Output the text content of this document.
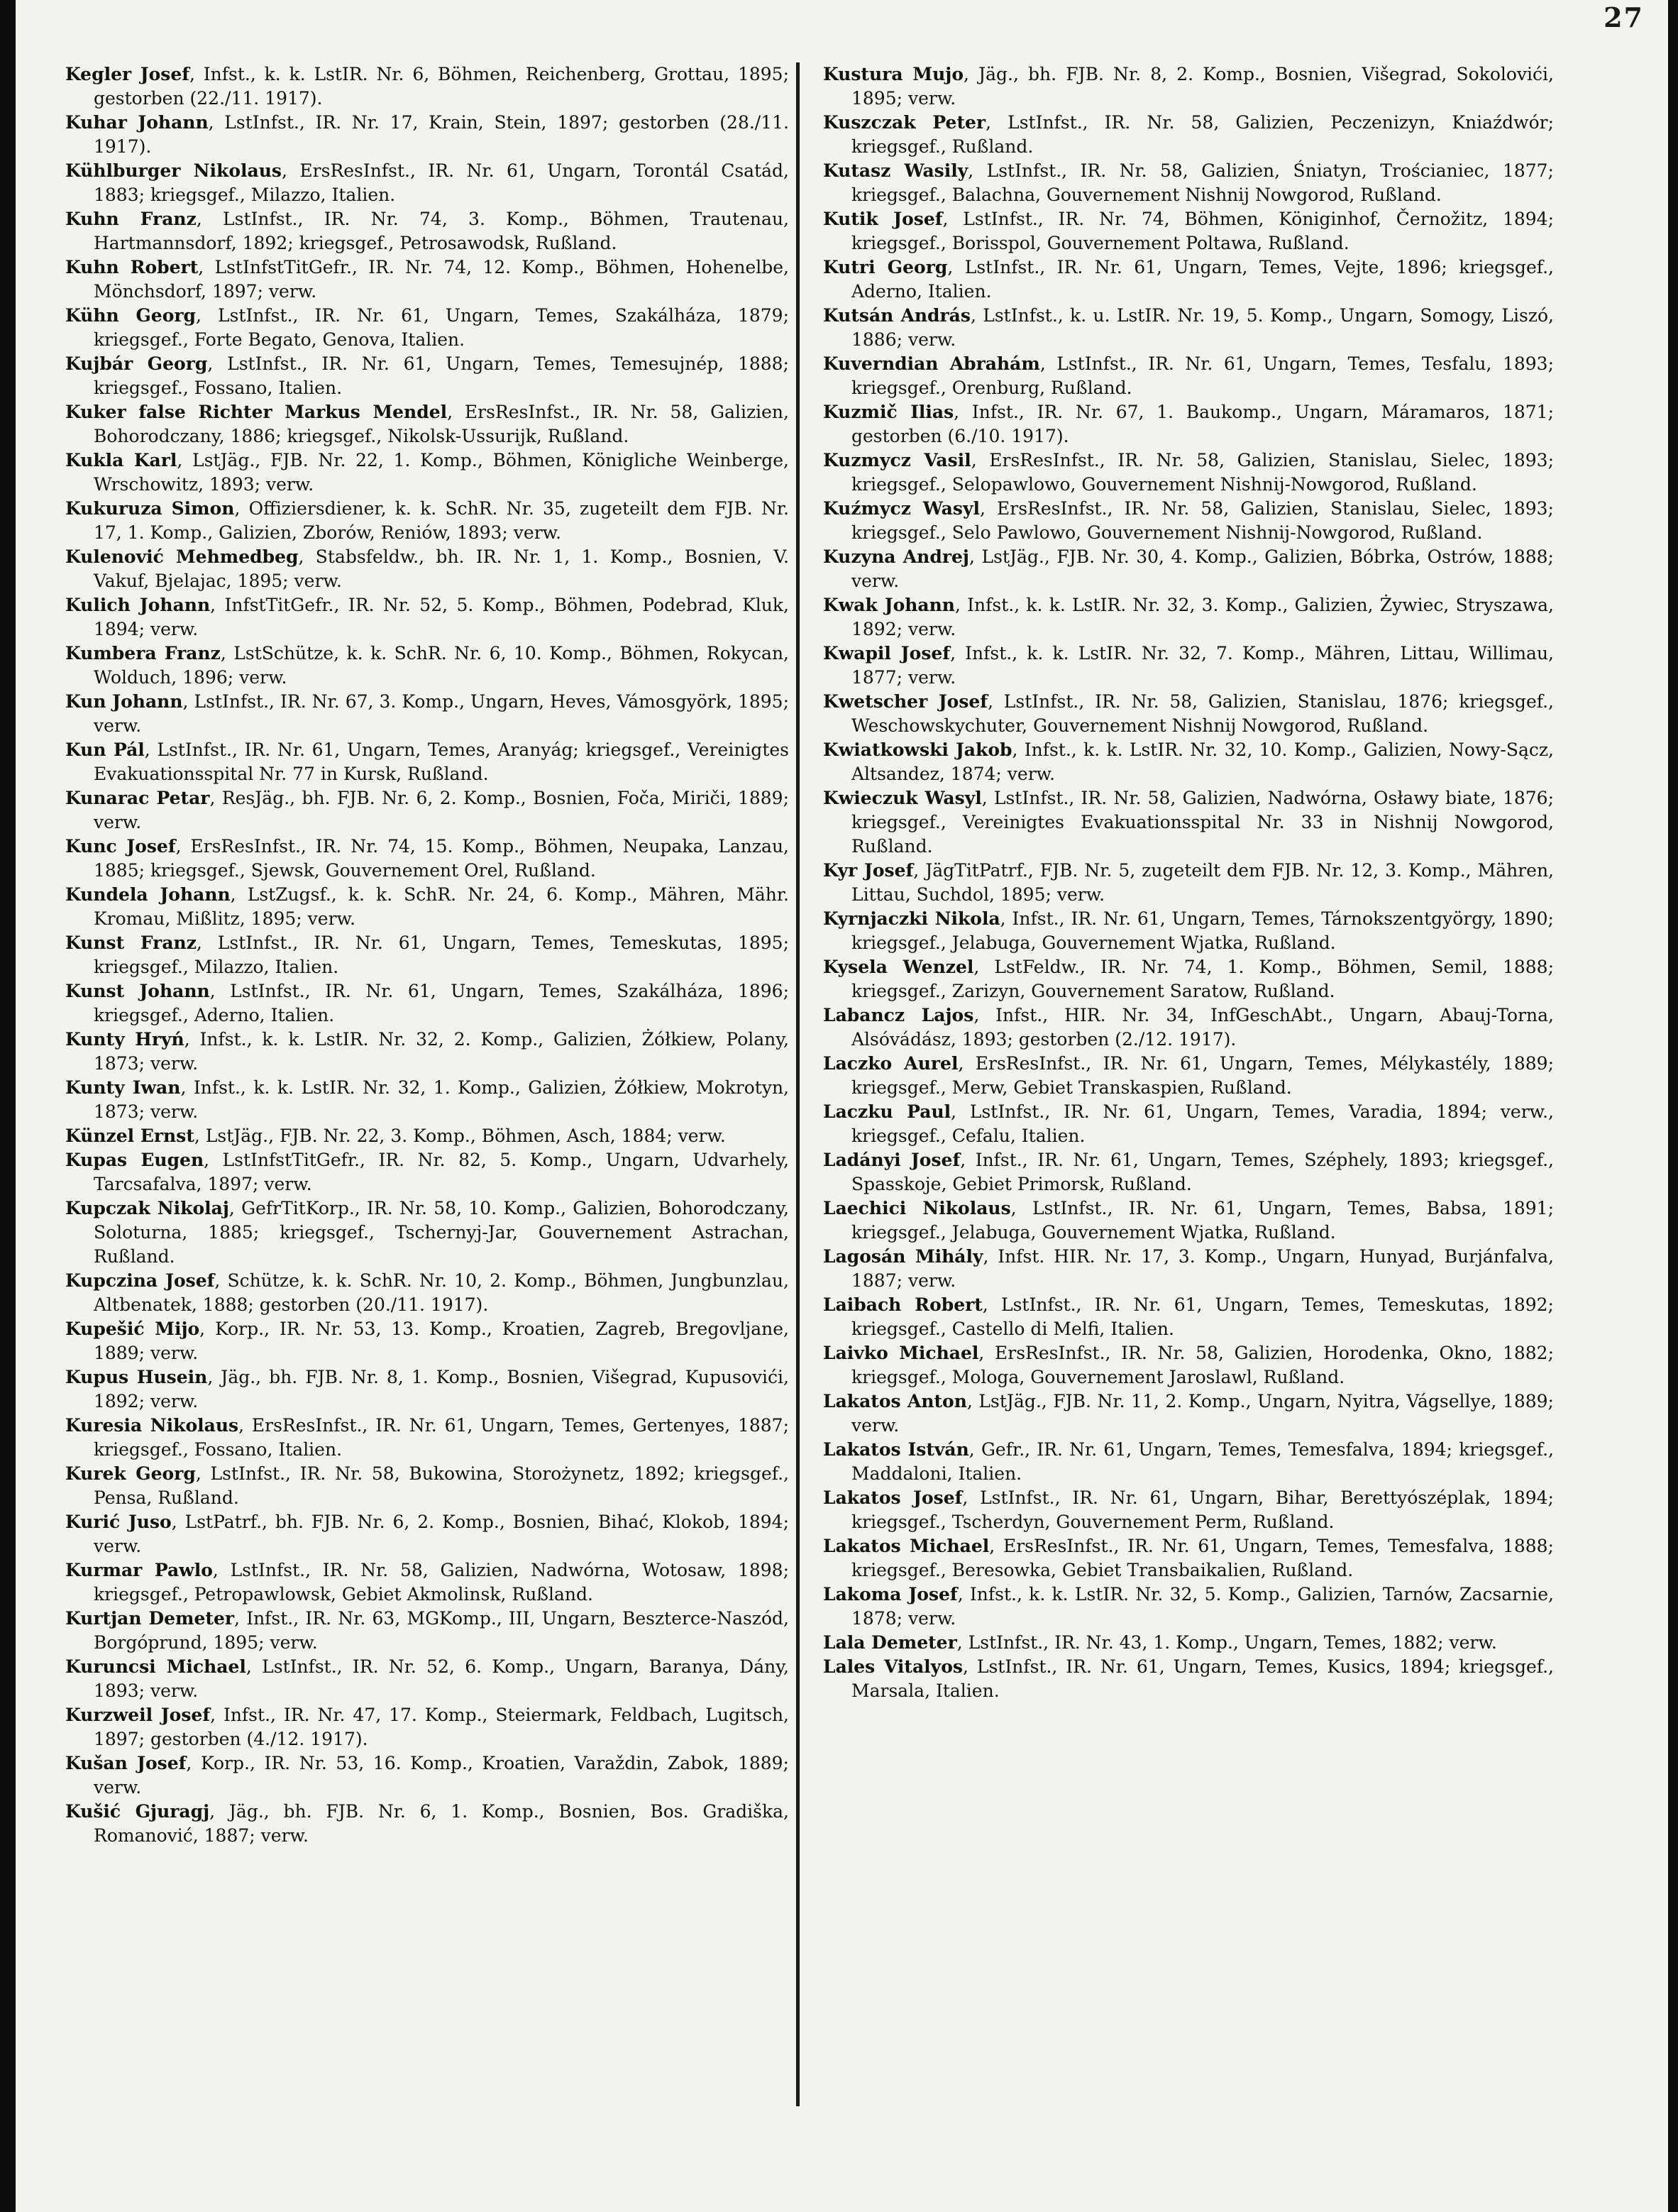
27

Kegler Josef, Infst., k. k. LstIR. Nr. 6, Böhmen, Reichenberg, Grottau, 1895; gestorben (22./11. 1917).

Kuhar Johann, LstInfst., IR. Nr. 17, Krain, Stein, 1897; gestorben (28./11. 1917).

Kühlburger Nikolaus, ErsResInfst., IR. Nr. 61, Ungarn, Torontál Csatád, 1883; kriegsgef., Milazzo, Italien.

Kuhn Franz, LstInfst., IR. Nr. 74, 3. Komp., Böhmen, Trautenau, Hartmannsdorf, 1892; kriegsgef., Petrosawodsk, Rußland.

Kuhn Robert, LstInfstTitGefr., IR. Nr. 74, 12. Komp., Böhmen, Hohenelbe, Mönchsdorf, 1897; verw.

Kühn Georg, LstInfst., IR. Nr. 61, Ungarn, Temes, Szakálháza, 1879; kriegsgef., Forte Begato, Genova, Italien.

Kujbár Georg, LstInfst., IR. Nr. 61, Ungarn, Temes, Temesujnép, 1888; kriegsgef., Fossano, Italien.

Kuker false Richter Markus Mendel, ErsResInfst., IR. Nr. 58, Galizien, Bohorodczany, 1886; kriegsgef., Nikolsk-Ussurijk, Rußland.

Kukla Karl, LstJäg., FJB. Nr. 22, 1. Komp., Böhmen, Königliche Weinberge, Wrschowitz, 1893; verw.

Kukuruza Simon, Offiziersdiener, k. k. SchR. Nr. 35, zugeteilt dem FJB. Nr. 17, 1. Komp., Galizien, Zborów, Reniów, 1893; verw.

Kulenović Mehmedbeg, Stabsfeldw., bh. IR. Nr. 1, 1. Komp., Bosnien, V. Vakuf, Bjelajac, 1895; verw.

Kulich Johann, InfstTitGefr., IR. Nr. 52, 5. Komp., Böhmen, Podebrad, Kluk, 1894; verw.

Kumbera Franz, LstSchütze, k. k. SchR. Nr. 6, 10. Komp., Böhmen, Rokycan, Wolduch, 1896; verw.

Kun Johann, LstInfst., IR. Nr. 67, 3. Komp., Ungarn, Heves, Vámosgyörk, 1895; verw.

Kun Pál, LstInfst., IR. Nr. 61, Ungarn, Temes, Aranyág; kriegsgef., Vereinigtes Evakuationsspital Nr. 77 in Kursk, Rußland.

Kunarac Petar, ResJäg., bh. FJB. Nr. 6, 2. Komp., Bosnien, Foča, Miriči, 1889; verw.

Kunc Josef, ErsResInfst., IR. Nr. 74, 15. Komp., Böhmen, Neupaka, Lanzau, 1885; kriegsgef., Sjewsk, Gouvernement Orel, Rußland.

Kundela Johann, LstZugsf., k. k. SchR. Nr. 24, 6. Komp., Mähren, Mähr. Kromau, Mißlitz, 1895; verw.

Kunst Franz, LstInfst., IR. Nr. 61, Ungarn, Temes, Temeskutas, 1895; kriegsgef., Milazzo, Italien.

Kunst Johann, LstInfst., IR. Nr. 61, Ungarn, Temes, Szakálháza, 1896; kriegsgef., Aderno, Italien.

Kunty Hryń, Infst., k. k. LstIR. Nr. 32, 2. Komp., Galizien, Żółkiew, Polany, 1873; verw.

Kunty Iwan, Infst., k. k. LstIR. Nr. 32, 1. Komp., Galizien, Żółkiew, Mokrotyn, 1873; verw.

Künzel Ernst, LstJäg., FJB. Nr. 22, 3. Komp., Böhmen, Asch, 1884; verw.

Kupas Eugen, LstInfstTitGefr., IR. Nr. 82, 5. Komp., Ungarn, Udvarhely, Tarcsafalva, 1897; verw.

Kupczak Nikolaj, GefrTitKorp., IR. Nr. 58, 10. Komp., Galizien, Bohorodczany, Soloturna, 1885; kriegsgef., Tschernyj-Jar, Gouvernement Astrachan, Rußland.

Kupczina Josef, Schütze, k. k. SchR. Nr. 10, 2. Komp., Böhmen, Jungbunzlau, Altbenatek, 1888; gestorben (20./11. 1917).

Kupešić Mijo, Korp., IR. Nr. 53, 13. Komp., Kroatien, Zagreb, Bregovljane, 1889; verw.

Kupus Husein, Jäg., bh. FJB. Nr. 8, 1. Komp., Bosnien, Višegrad, Kupusovići, 1892; verw.

Kuresia Nikolaus, ErsResInfst., IR. Nr. 61, Ungarn, Temes, Gertenyes, 1887; kriegsgef., Fossano, Italien.

Kurek Georg, LstInfst., IR. Nr. 58, Bukowina, Storożynetz, 1892; kriegsgef., Pensa, Rußland.

Kurić Juso, LstPatrf., bh. FJB. Nr. 6, 2. Komp., Bosnien, Bihać, Klokob, 1894; verw.

Kurmar Pawlo, LstInfst., IR. Nr. 58, Galizien, Nadwórna, Wotosaw, 1898; kriegsgef., Petropawlowsk, Gebiet Akmolinsk, Rußland.

Kurtjan Demeter, Infst., IR. Nr. 63, MGKomp., III, Ungarn, Beszterce-Naszód, Borgóprund, 1895; verw.

Kuruncsi Michael, LstInfst., IR. Nr. 52, 6. Komp., Ungarn, Baranya, Dány, 1893; verw.

Kurzweil Josef, Infst., IR. Nr. 47, 17. Komp., Steiermark, Feldbach, Lugitsch, 1897; gestorben (4./12. 1917).

Kušan Josef, Korp., IR. Nr. 53, 16. Komp., Kroatien, Varaždin, Zabok, 1889; verw.

Kušić Gjuragj, Jäg., bh. FJB. Nr. 6, 1. Komp., Bosnien, Bos. Gradiška, Romanović, 1887; verw.

Kustura Mujo, Jäg., bh. FJB. Nr. 8, 2. Komp., Bosnien, Višegrad, Sokolovići, 1895; verw.

Kuszczak Peter, LstInfst., IR. Nr. 58, Galizien, Peczenizyn, Kniaźdwór; kriegsgef., Rußland.

Kutasz Wasily, LstInfst., IR. Nr. 58, Galizien, Śniatyn, Trościaniec, 1877; kriegsgef., Balachna, Gouvernement Nishnij Nowgorod, Rußland.

Kutik Josef, LstInfst., IR. Nr. 74, Böhmen, Königinhof, Černožitz, 1894; kriegsgef., Borisspol, Gouvernement Poltawa, Rußland.

Kutri Georg, LstInfst., IR. Nr. 61, Ungarn, Temes, Vejte, 1896; kriegsgef., Aderno, Italien.

Kutsán András, LstInfst., k. u. LstIR. Nr. 19, 5. Komp., Ungarn, Somogy, Liszó, 1886; verw.

Kuverndian Abrahám, LstInfst., IR. Nr. 61, Ungarn, Temes, Tesfalu, 1893; kriegsgef., Orenburg, Rußland.

Kuzmič Ilias, Infst., IR. Nr. 67, 1. Baukomp., Ungarn, Máramaros, 1871; gestorben (6./10. 1917).

Kuzmycz Vasil, ErsResInfst., IR. Nr. 58, Galizien, Stanislau, Sielec, 1893; kriegsgef., Selopawlowo, Gouvernement Nishnij-Nowgorod, Rußland.

Kuźmycz Wasyl, ErsResInfst., IR. Nr. 58, Galizien, Stanislau, Sielec, 1893; kriegsgef., Selo Pawlowo, Gouvernement Nishnij-Nowgorod, Rußland.

Kuzyna Andrej, LstJäg., FJB. Nr. 30, 4. Komp., Galizien, Bóbrka, Ostrów, 1888; verw.

Kwak Johann, Infst., k. k. LstIR. Nr. 32, 3. Komp., Galizien, Żywiec, Stryszawa, 1892; verw.

Kwapil Josef, Infst., k. k. LstIR. Nr. 32, 7. Komp., Mähren, Littau, Willimau, 1877; verw.

Kwetscher Josef, LstInfst., IR. Nr. 58, Galizien, Stanislau, 1876; kriegsgef., Weschowskychuter, Gouvernement Nishnij Nowgorod, Rußland.

Kwiatkowski Jakob, Infst., k. k. LstIR. Nr. 32, 10. Komp., Galizien, Nowy-Sącz, Altsandez, 1874; verw.

Kwieczuk Wasyl, LstInfst., IR. Nr. 58, Galizien, Nadwórna, Osławy biate, 1876; kriegsgef., Vereinigtes Evakuationsspital Nr. 33 in Nishnij Nowgorod, Rußland.

Kyr Josef, JägTitPatrf., FJB. Nr. 5, zugeteilt dem FJB. Nr. 12, 3. Komp., Mähren, Littau, Suchdol, 1895; verw.

Kyrnjaczki Nikola, Infst., IR. Nr. 61, Ungarn, Temes, Tárnokszentgyörgy, 1890; kriegsgef., Jelabuga, Gouvernement Wjatka, Rußland.

Kysela Wenzel, LstFeldw., IR. Nr. 74, 1. Komp., Böhmen, Semil, 1888; kriegsgef., Zarizyn, Gouvernement Saratow, Rußland.

Labancz Lajos, Infst., HIR. Nr. 34, InfGeschAbt., Ungarn, Abauj-Torna, Alsóvádász, 1893; gestorben (2./12. 1917).

Laczko Aurel, ErsResInfst., IR. Nr. 61, Ungarn, Temes, Mélykastély, 1889; kriegsgef., Merw, Gebiet Transkaspien, Rußland.

Laczku Paul, LstInfst., IR. Nr. 61, Ungarn, Temes, Varadia, 1894; verw., kriegsgef., Cefalu, Italien.

Ladányi Josef, Infst., IR. Nr. 61, Ungarn, Temes, Széphely, 1893; kriegsgef., Spasskoje, Gebiet Primorsk, Rußland.

Laechici Nikolaus, LstInfst., IR. Nr. 61, Ungarn, Temes, Babsa, 1891; kriegsgef., Jelabuga, Gouvernement Wjatka, Rußland.

Lagosán Mihály, Infst. HIR. Nr. 17, 3. Komp., Ungarn, Hunyad, Burjánfalva, 1887; verw.

Laibach Robert, LstInfst., IR. Nr. 61, Ungarn, Temes, Temeskutas, 1892; kriegsgef., Castello di Melfi, Italien.

Laivko Michael, ErsResInfst., IR. Nr. 58, Galizien, Horodenka, Okno, 1882; kriegsgef., Mologa, Gouvernement Jaroslawl, Rußland.

Lakatos Anton, LstJäg., FJB. Nr. 11, 2. Komp., Ungarn, Nyitra, Vágsellye, 1889; verw.

Lakatos István, Gefr., IR. Nr. 61, Ungarn, Temes, Temesfalva, 1894; kriegsgef., Maddaloni, Italien.

Lakatos Josef, LstInfst., IR. Nr. 61, Ungarn, Bihar, Berettyószéplak, 1894; kriegsgef., Tscherdyn, Gouvernement Perm, Rußland.

Lakatos Michael, ErsResInfst., IR. Nr. 61, Ungarn, Temes, Temesfalva, 1888; kriegsgef., Beresowka, Gebiet Transbaikalien, Rußland.

Lakoma Josef, Infst., k. k. LstIR. Nr. 32, 5. Komp., Galizien, Tarnów, Zacsarnie, 1878; verw.

Lala Demeter, LstInfst., IR. Nr. 43, 1. Komp., Ungarn, Temes, 1882; verw.

Lales Vitalyos, LstInfst., IR. Nr. 61, Ungarn, Temes, Kusics, 1894; kriegsgef., Marsala, Italien.
